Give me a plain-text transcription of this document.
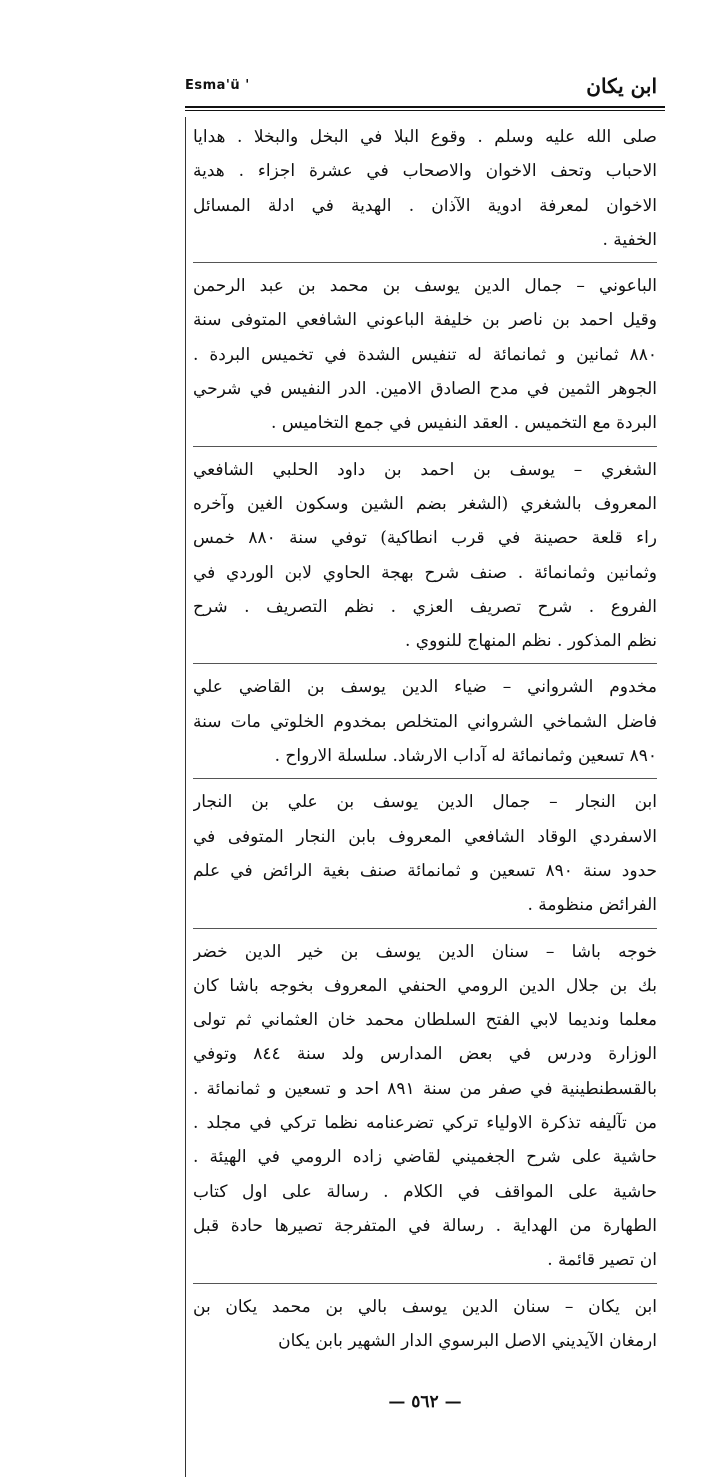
Esma'ü '	ابن يكان
صلى الله عليه وسلم . وقوع البلا في البخل والبخلا . هدايا
الاحباب وتحف الاخوان والاصحاب في عشرة اجزاء . هدية
الاخوان لمعرفة ادوية الآذان . الهدية في ادلة المسائل
الخفية .
الباعوني – جمال الدين يوسف بن محمد بن عبد الرحمن
وقيل احمد بن ناصر بن خليفة الباعوني الشافعي المتوفى سنة
٨٨٠ ثمانين و ثمانمائة له تنفيس الشدة في تخميس البردة .
الجوهر الثمين في مدح الصادق الامين. الدر النفيس في شرحي
البردة مع التخميس . العقد النفيس في جمع التخاميس .
الشغري – يوسف بن احمد بن داود الحلبي الشافعي
المعروف بالشغري (الشغر بضم الشين وسكون الغين وآخره
راء قلعة حصينة في قرب انطاكية) توفي سنة ٨٨٠ خمس
وثمانين وثمانمائة . صنف شرح بهجة الحاوي لابن الوردي في
الفروع . شرح تصريف العزي . نظم التصريف . شرح
نظم المذكور . نظم المنهاج للنووي .
مخدوم الشرواني – ضياء الدين يوسف بن القاضي علي
فاضل الشماخي الشرواني المتخلص بمخدوم الخلوتي مات سنة
٨٩٠ تسعين وثمانمائة له آداب الارشاد. سلسلة الارواح .
ابن النجار – جمال الدين يوسف بن علي بن النجار
الاسفردي الوقاد الشافعي المعروف بابن النجار المتوفى في
حدود سنة ٨٩٠ تسعين و ثمانمائة صنف بغية الرائض في علم
الفرائض منظومة .
خوجه باشا – سنان الدين يوسف بن خير الدين خضر
بك بن جلال الدين الرومي الحنفي المعروف بخوجه باشا كان
معلما ونديما لابي الفتح السلطان محمد خان العثماني ثم تولى
الوزارة ودرس في بعض المدارس ولد سنة ٨٤٤ وتوفي
بالقسطنطينية في صفر من سنة ٨٩١ احد و تسعين و ثمانمائة .
من تآليفه تذكرة الاولياء تركي تضرعنامه نظما تركي في مجلد .
حاشية على شرح الجغميني لقاضي زاده الرومي في الهيئة .
حاشية على المواقف في الكلام . رسالة على اول كتاب
الطهارة من الهداية . رسالة في المتفرجة تصيرها حادة قبل
ان تصير قائمة .
ابن يكان – سنان الدين يوسف بالي بن محمد يكان بن
ارمغان الآيديني الاصل البرسوي الدار الشهير بابن يكان
— ٥٦٢ —
